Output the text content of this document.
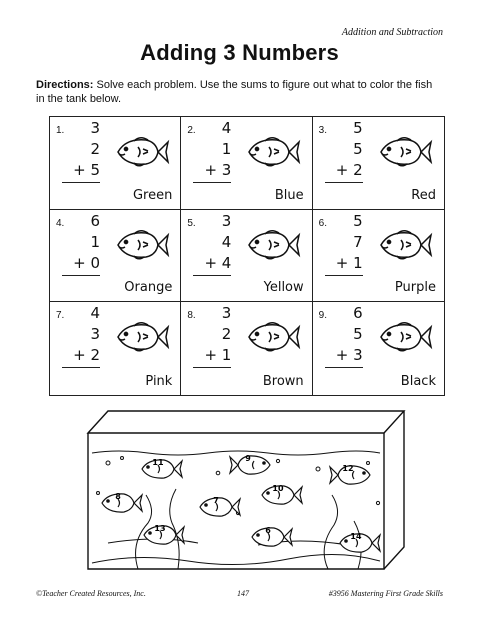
Addition and Subtraction
Adding 3 Numbers
Directions: Solve each problem. Use the sums to figure out what to color the fish in the tank below.
1.	3
2
+ 5
Green
2.	4
1
+ 3
Blue
3.	5
5
+ 2
Red
4.	6
1
+ 0
Orange
5.	3
4
+ 4
Yellow
6.	5
7
+ 1
Purple
7.	4
3
+ 2
Pink
8.	3
2
+ 1
Brown
9.	6
5
+ 3
Black
11	9
12
10
8	7
13	6
14
©Teacher Created Resources, Inc.	147	#3956 Mastering First Grade Skills
